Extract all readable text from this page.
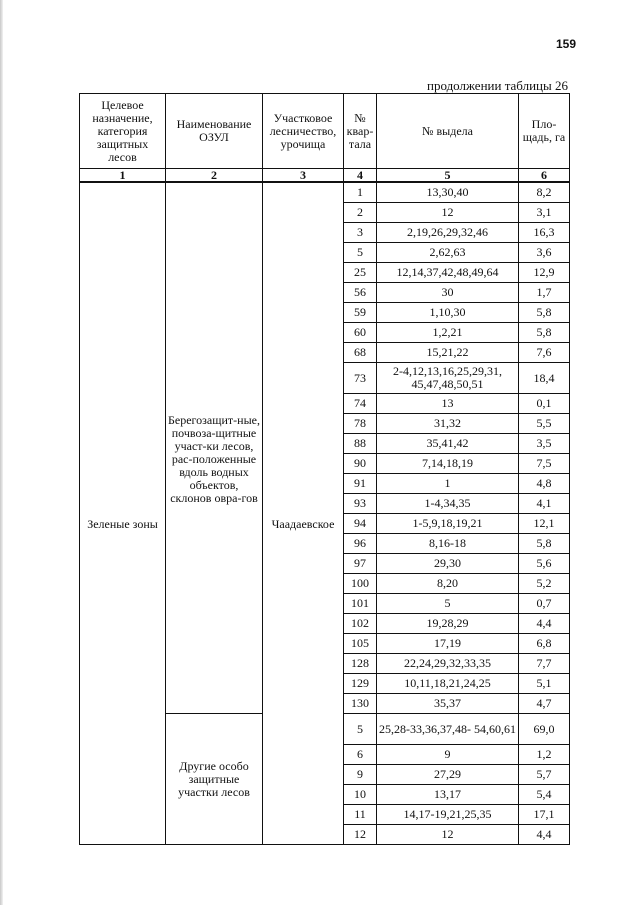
159
продолжении таблицы 26
Целевое назначение, категория защитных лесов	Наименование ОЗУЛ	Участковое лесничество, урочища	№ квар-тала	№ выдела	Пло-щадь, га
1	2	3	4	5	6
Зеленые зоны	Берегозащит-ные, почвоза-щитные участ-ки лесов, рас-положенные вдоль водных объектов, склонов овра-гов	Чаадаевское	1	13,30,40	8,2
			2	12	3,1
			3	2,19,26,29,32,46	16,3
			5	2,62,63	3,6
			25	12,14,37,42,48,49,64	12,9
			56	30	1,7
			59	1,10,30	5,8
			60	1,2,21	5,8
			68	15,21,22	7,6
			73	2-4,12,13,16,25,29,31, 45,47,48,50,51	18,4
			74	13	0,1
			78	31,32	5,5
			88	35,41,42	3,5
			90	7,14,18,19	7,5
			91	1	4,8
			93	1-4,34,35	4,1
			94	1-5,9,18,19,21	12,1
			96	8,16-18	5,8
			97	29,30	5,6
			100	8,20	5,2
			101	5	0,7
			102	19,28,29	4,4
			105	17,19	6,8
			128	22,24,29,32,33,35	7,7
			129	10,11,18,21,24,25	5,1
			130	35,37	4,7
	Другие особо защитные участки лесов		5	25,28-33,36,37,48- 54,60,61	69,0
			6	9	1,2
			9	27,29	5,7
			10	13,17	5,4
			11	14,17-19,21,25,35	17,1
			12	12	4,4
